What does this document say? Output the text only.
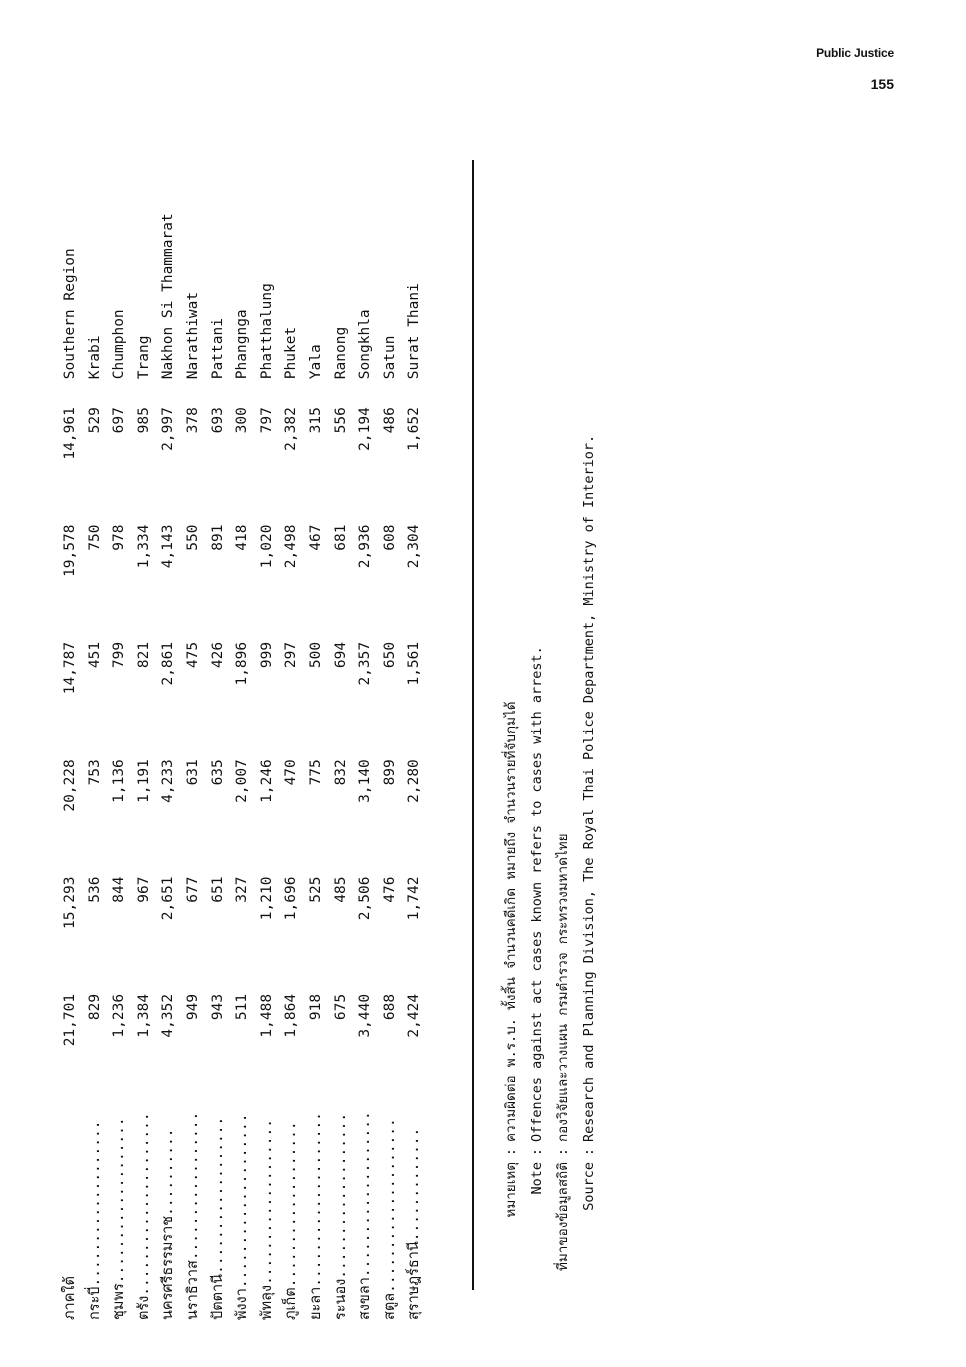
Public Justice
155
ภาคใต้	21,701	15,293	20,228	14,787	19,578	14,961	Southern Region
กระบี่...................	829	536	753	451	750	529	Krabi
ชุมพร...................	1,236	844	1,136	799	978	697	Chumphon
ตรัง.....................	1,384	967	1,191	821	1,334	985	Trang
นครศรีธรรมราช..........	4,352	2,651	4,233	2,861	4,143	2,997	Nakhon Si Thammarat
นราธิวาส.................	949	677	631	475	550	378	Narathiwat
ปัตตานี..................	943	651	635	426	891	693	Pattani
พังงา....................	511	327	2,007	1,896	418	300	Phangnga
พัทลุง...................	1,488	1,210	1,246	999	1,020	797	Phatthalung
ภูเก็ต...................	1,864	1,696	470	297	2,498	2,382	Phuket
ยะลา....................	918	525	775	500	467	315	Yala
ระนอง...................	675	485	832	694	681	556	Ranong
สงขลา...................	3,440	2,506	3,140	2,357	2,936	2,194	Songkhla
สตูล....................	688	476	899	650	608	486	Satun
สุราษฎร์ธานี.............	2,424	1,742	2,280	1,561	2,304	1,652	Surat Thani
หมายเหตุ:ความผิดต่อ พ.ร.บ. ทั้งสิ้น จำนวนคดีเกิด หมายถึง จำนวนรายที่จับกุมได้
Note:Offences against act cases known refers to cases with arrest.
ที่มาของข้อมูลสถิติ:กองวิจัยและวางแผน กรมตำรวจ กระทรวงมหาดไทย
Source:Research and Planning Division, The Royal Thai Police Department, Ministry of Interior.
